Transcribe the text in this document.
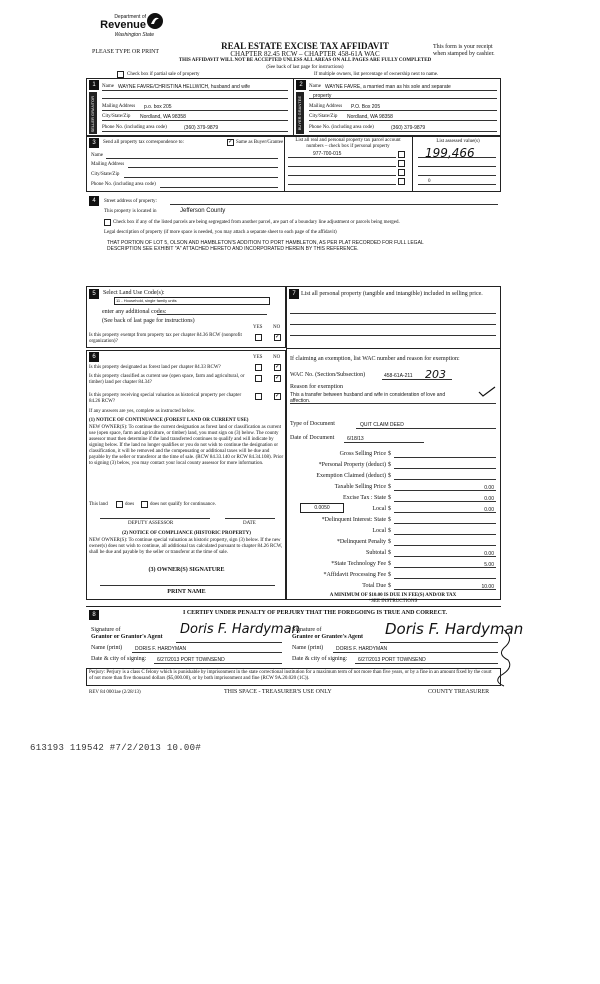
Department of
Revenue
Washington State
PLEASE TYPE OR PRINT
REAL ESTATE EXCISE TAX AFFIDAVIT
CHAPTER 82.45 RCW – CHAPTER 458-61A WAC
THIS AFFIDAVIT WILL NOT BE ACCEPTED UNLESS ALL AREAS ON ALL PAGES ARE FULLY COMPLETED
(See back of last page for instructions)
This form is your receipt
when stamped by cashier.
Check box if partial sale of property	If multiple owners, list percentage of ownership next to name.
1
SELLER GRANTOR
Name WAYNE FAVRE/CHRISTINA HELLWICH, husband and wife
Mailing Address p.o. box 205
City/State/Zip Nordland, WA 98358
Phone No. (including area code)	(360) 379-9879
2
BUYER GRANTEE
Name WAYNE FAVRE, a married man as his sole and separate
property
Mailing Address P.O. Box 205
City/State/Zip Nordland, WA 98358
Phone No. (including area code)	(360) 379-9879
3	Send all property tax correspondence to:	✓ Same as Buyer/Grantee
Name
Mailing Address
City/State/Zip
Phone No. (including area code)
List all real and personal property tax parcel account numbers – check box if personal property
List assessed value(s)
977-700-015	199,466
0
4	Street address of property:
This property is located in	Jefferson County
Check box if any of the listed parcels are being segregated from another parcel, are part of a boundary line adjustment or parcels being merged.
Legal description of property (if more space is needed, you may attach a separate sheet to each page of the affidavit)
THAT PORTION OF LOT 5, OLSON AND HAMBLETON'S ADDITION TO PORT HAMBLETON, AS PER PLAT RECORDED FOR FULL LEGAL DESCRIPTION SEE EXHIBIT "A" ATTACHED HERETO AND INCORPORATED HEREIN BY THIS REFERENCE.
5	Select Land Use Code(s):
11 - Household, single family units
enter any additional codes:
(See back of last page for instructions)
YES NO
Is this property exempt from property tax per chapter 84.36 RCW (nonprofit organization)?
✓
6	YES NO
Is this property designated as forest land per chapter 84.33 RCW?	✓
Is this property classified as current use (open space, farm and agricultural, or timber) land per chapter 84.34?
✓
Is this property receiving special valuation as historical property per chapter 84.26 RCW?
✓
If any answers are yes, complete as instructed below.
(1) NOTICE OF CONTINUANCE (FOREST LAND OR CURRENT USE)
NEW OWNER(S): To continue the current designation as forest land or classification as current use (open space, farm and agriculture, or timber) land, you must sign on (3) below. The county assessor must then determine if the land transferred continues to qualify and will indicate by signing below. If the land no longer qualifies or you do not wish to continue the designation or classification, it will be removed and the compensating or additional taxes will be due and payable by the seller or transferor at the time of sale. (RCW 84.33.140 or RCW 84.34.108). Prior to signing (3) below, you may contact your local county assessor for more information.
This land	does	does not qualify for continuance.
DEPUTY ASSESSOR	DATE
(2) NOTICE OF COMPLIANCE (HISTORIC PROPERTY)
NEW OWNER(S): To continue special valuation as historic property, sign (3) below. If the new owner(s) does not wish to continue, all additional tax calculated pursuant to chapter 84.26 RCW, shall be due and payable by the seller or transferor at the time of sale.
(3) OWNER(S) SIGNATURE
PRINT NAME
7 List all personal property (tangible and intangible) included in selling price.
If claiming an exemption, list WAC number and reason for exemption:
WAC No. (Section/Subsection)	458-61A-211 203
Reason for exemption
This a transfer between husband and wife in consideration of love and affection.
Type of Document	QUIT CLAIM DEED
Date of Document	6/18/13
Gross Selling Price $
*Personal Property (deduct) $
Exemption Claimed (deduct) $
Taxable Selling Price $	0.00
Excise Tax : State $	0.00
0.0050	Local $	0.00
*Delinquent Interest: State $
Local $
*Delinquent Penalty $
Subtotal $	0.00
*State Technology Fee $	5.00
*Affidavit Processing Fee $
Total Due $	10.00
A MINIMUM OF $10.00 IS DUE IN FEE(S) AND/OR TAX
*SEE INSTRUCTIONS
8	I CERTIFY UNDER PENALTY OF PERJURY THAT THE FOREGOING IS TRUE AND CORRECT.
Signature of
Grantor or Grantor's Agent Doris F. Hardyman
Name (print)	DORIS F. HARDYMAN
Date & city of signing: 6/27/2013 PORT TOWNSEND
Signature of
Grantee or Grantee's Agent Doris F. Hardyman
Name (print)	DORIS F. HARDYMAN
Date & city of signing: 6/27/2013 PORT TOWNSEND
Perjury: Perjury is a class C felony which is punishable by imprisonment in the state correctional institution for a maximum term of not more than five years, or by a fine in an amount fixed by the court of not more than five thousand dollars ($5,000.00), or by both imprisonment and fine (RCW 9A.20.020 (1C)).
REV 84 0001ae (2/28/13)	THIS SPACE - TREASURER'S USE ONLY	COUNTY TREASURER
613193 119542 #7/2/2013 10.00#
